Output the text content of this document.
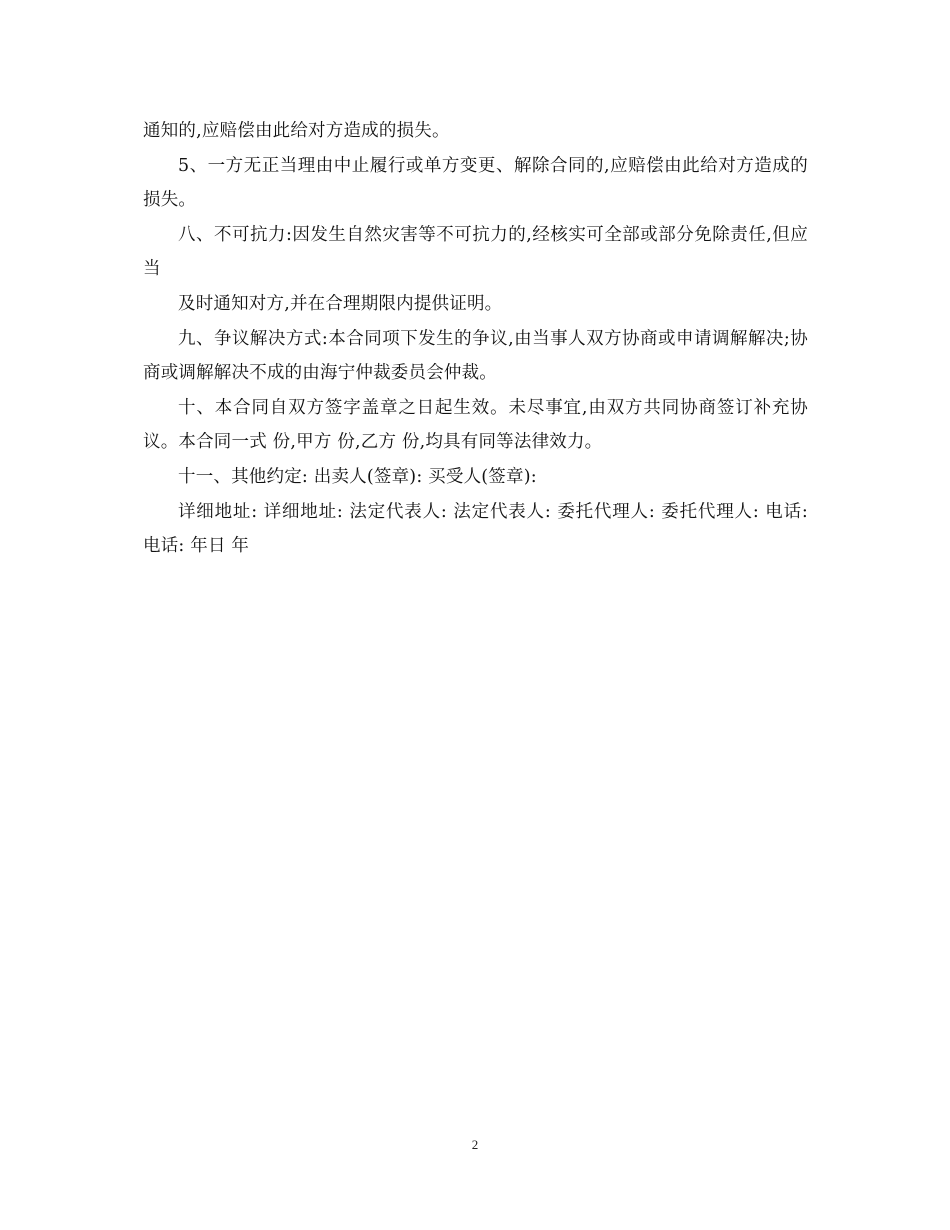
通知的,应赔偿由此给对方造成的损失。

5、一方无正当理由中止履行或单方变更、解除合同的,应赔偿由此给对方造成的损失。

八、不可抗力:因发生自然灾害等不可抗力的,经核实可全部或部分免除责任,但应当

及时通知对方,并在合理期限内提供证明。

九、争议解决方式:本合同项下发生的争议,由当事人双方协商或申请调解解决;协商或调解解决不成的由海宁仲裁委员会仲裁。

十、本合同自双方签字盖章之日起生效。未尽事宜,由双方共同协商签订补充协议。本合同一式 份,甲方 份,乙方 份,均具有同等法律效力。

十一、其他约定: 出卖人(签章): 买受人(签章):

详细地址: 详细地址: 法定代表人: 法定代表人: 委托代理人: 委托代理人: 电话: 电话: 年日 年

2
